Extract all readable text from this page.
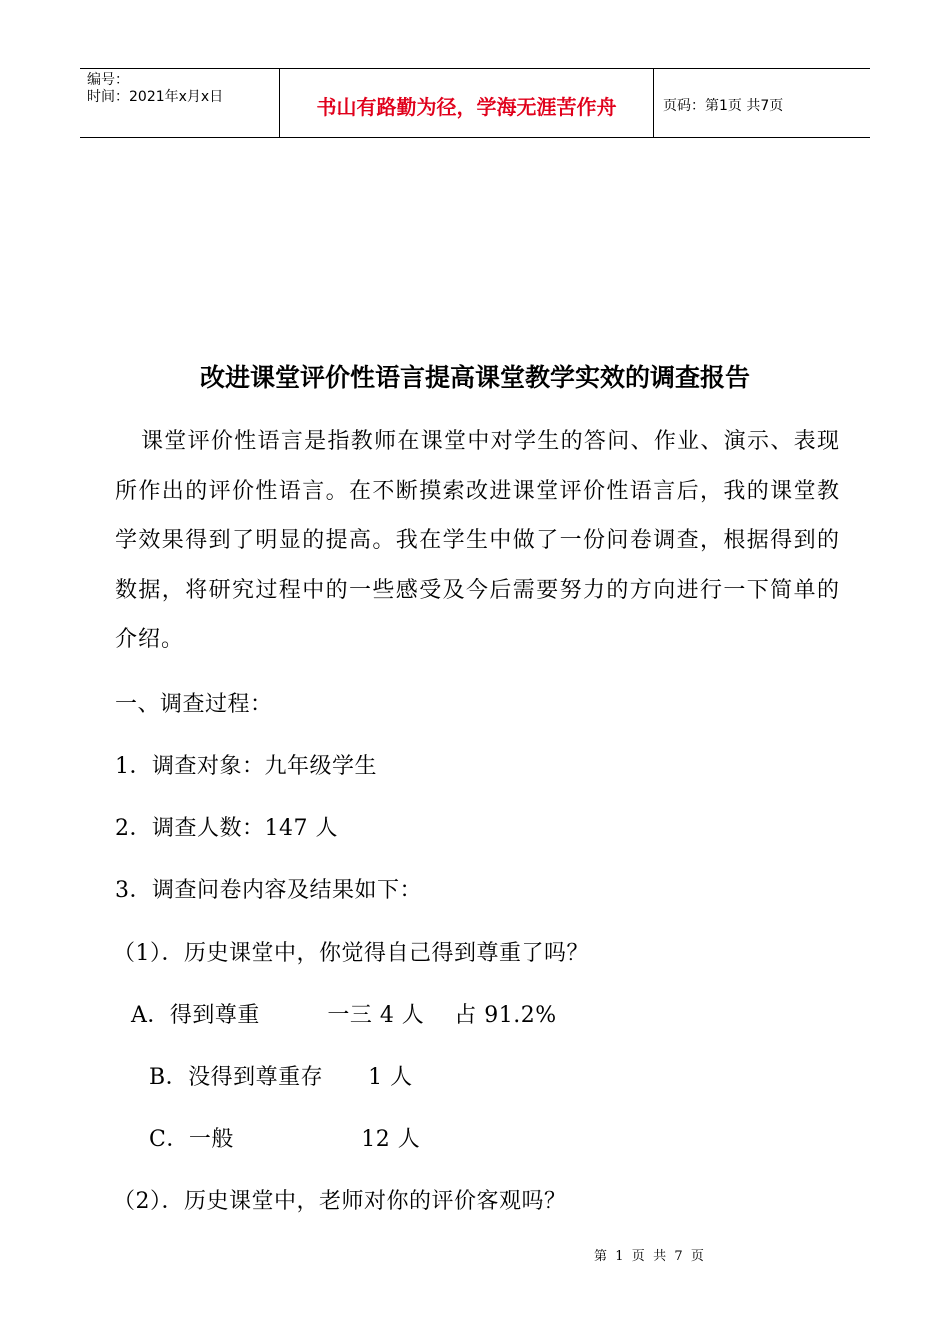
编号：
时间：2021年x月x日	书山有路勤为径，学海无涯苦作舟	页码：第1页 共7页
改进课堂评价性语言提高课堂教学实效的调查报告
课堂评价性语言是指教师在课堂中对学生的答问、作业、演示、表现所作出的评价性语言。在不断摸索改进课堂评价性语言后，我的课堂教学效果得到了明显的提高。我在学生中做了一份问卷调查，根据得到的数据，将研究过程中的一些感受及今后需要努力的方向进行一下简单的介绍。
一、调查过程：
1．调查对象：九年级学生
2．调查人数：147 人
3．调查问卷内容及结果如下：
（1）．历史课堂中，你觉得自己得到尊重了吗？
A．得到尊重         一三 4 人    占 91.2%
B．没得到尊重存      1 人
C．一般                 12 人
（2）．历史课堂中，老师对你的评价客观吗？
第  1  页  共  7  页
